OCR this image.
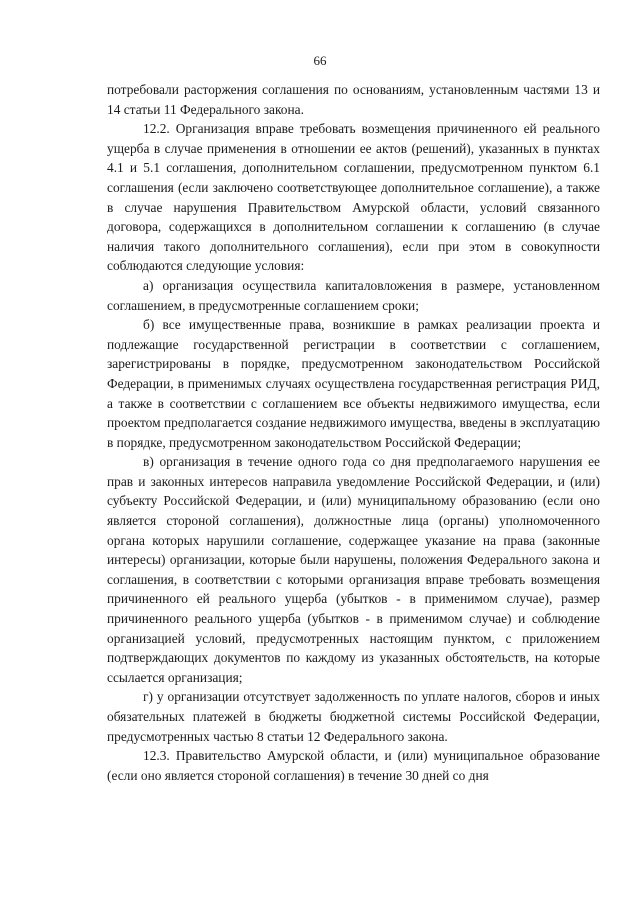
66

потребовали расторжения соглашения по основаниям, установленным частями 13 и 14 статьи 11 Федерального закона.

12.2. Организация вправе требовать возмещения причиненного ей реального ущерба в случае применения в отношении ее актов (решений), указанных в пунктах 4.1 и 5.1 соглашения, дополнительном соглашении, предусмотренном пунктом 6.1 соглашения (если заключено соответствующее дополнительное соглашение), а также в случае нарушения Правительством Амурской области, условий связанного договора, содержащихся в дополнительном соглашении к соглашению (в случае наличия такого дополнительного соглашения), если при этом в совокупности соблюдаются следующие условия:

а) организация осуществила капиталовложения в размере, установленном соглашением, в предусмотренные соглашением сроки;

б) все имущественные права, возникшие в рамках реализации проекта и подлежащие государственной регистрации в соответствии с соглашением, зарегистрированы в порядке, предусмотренном законодательством Российской Федерации, в применимых случаях осуществлена государственная регистрация РИД, а также в соответствии с соглашением все объекты недвижимого имущества, если проектом предполагается создание недвижимого имущества, введены в эксплуатацию в порядке, предусмотренном законодательством Российской Федерации;

в) организация в течение одного года со дня предполагаемого нарушения ее прав и законных интересов направила уведомление Российской Федерации, и (или) субъекту Российской Федерации, и (или) муниципальному образованию (если оно является стороной соглашения), должностные лица (органы) уполномоченного органа которых нарушили соглашение, содержащее указание на права (законные интересы) организации, которые были нарушены, положения Федерального закона и соглашения, в соответствии с которыми организация вправе требовать возмещения причиненного ей реального ущерба (убытков - в применимом случае), размер причиненного реального ущерба (убытков - в применимом случае) и соблюдение организацией условий, предусмотренных настоящим пунктом, с приложением подтверждающих документов по каждому из указанных обстоятельств, на которые ссылается организация;

г) у организации отсутствует задолженность по уплате налогов, сборов и иных обязательных платежей в бюджеты бюджетной системы Российской Федерации, предусмотренных частью 8 статьи 12 Федерального закона.

12.3. Правительство Амурской области, и (или) муниципальное образование (если оно является стороной соглашения) в течение 30 дней со дня
